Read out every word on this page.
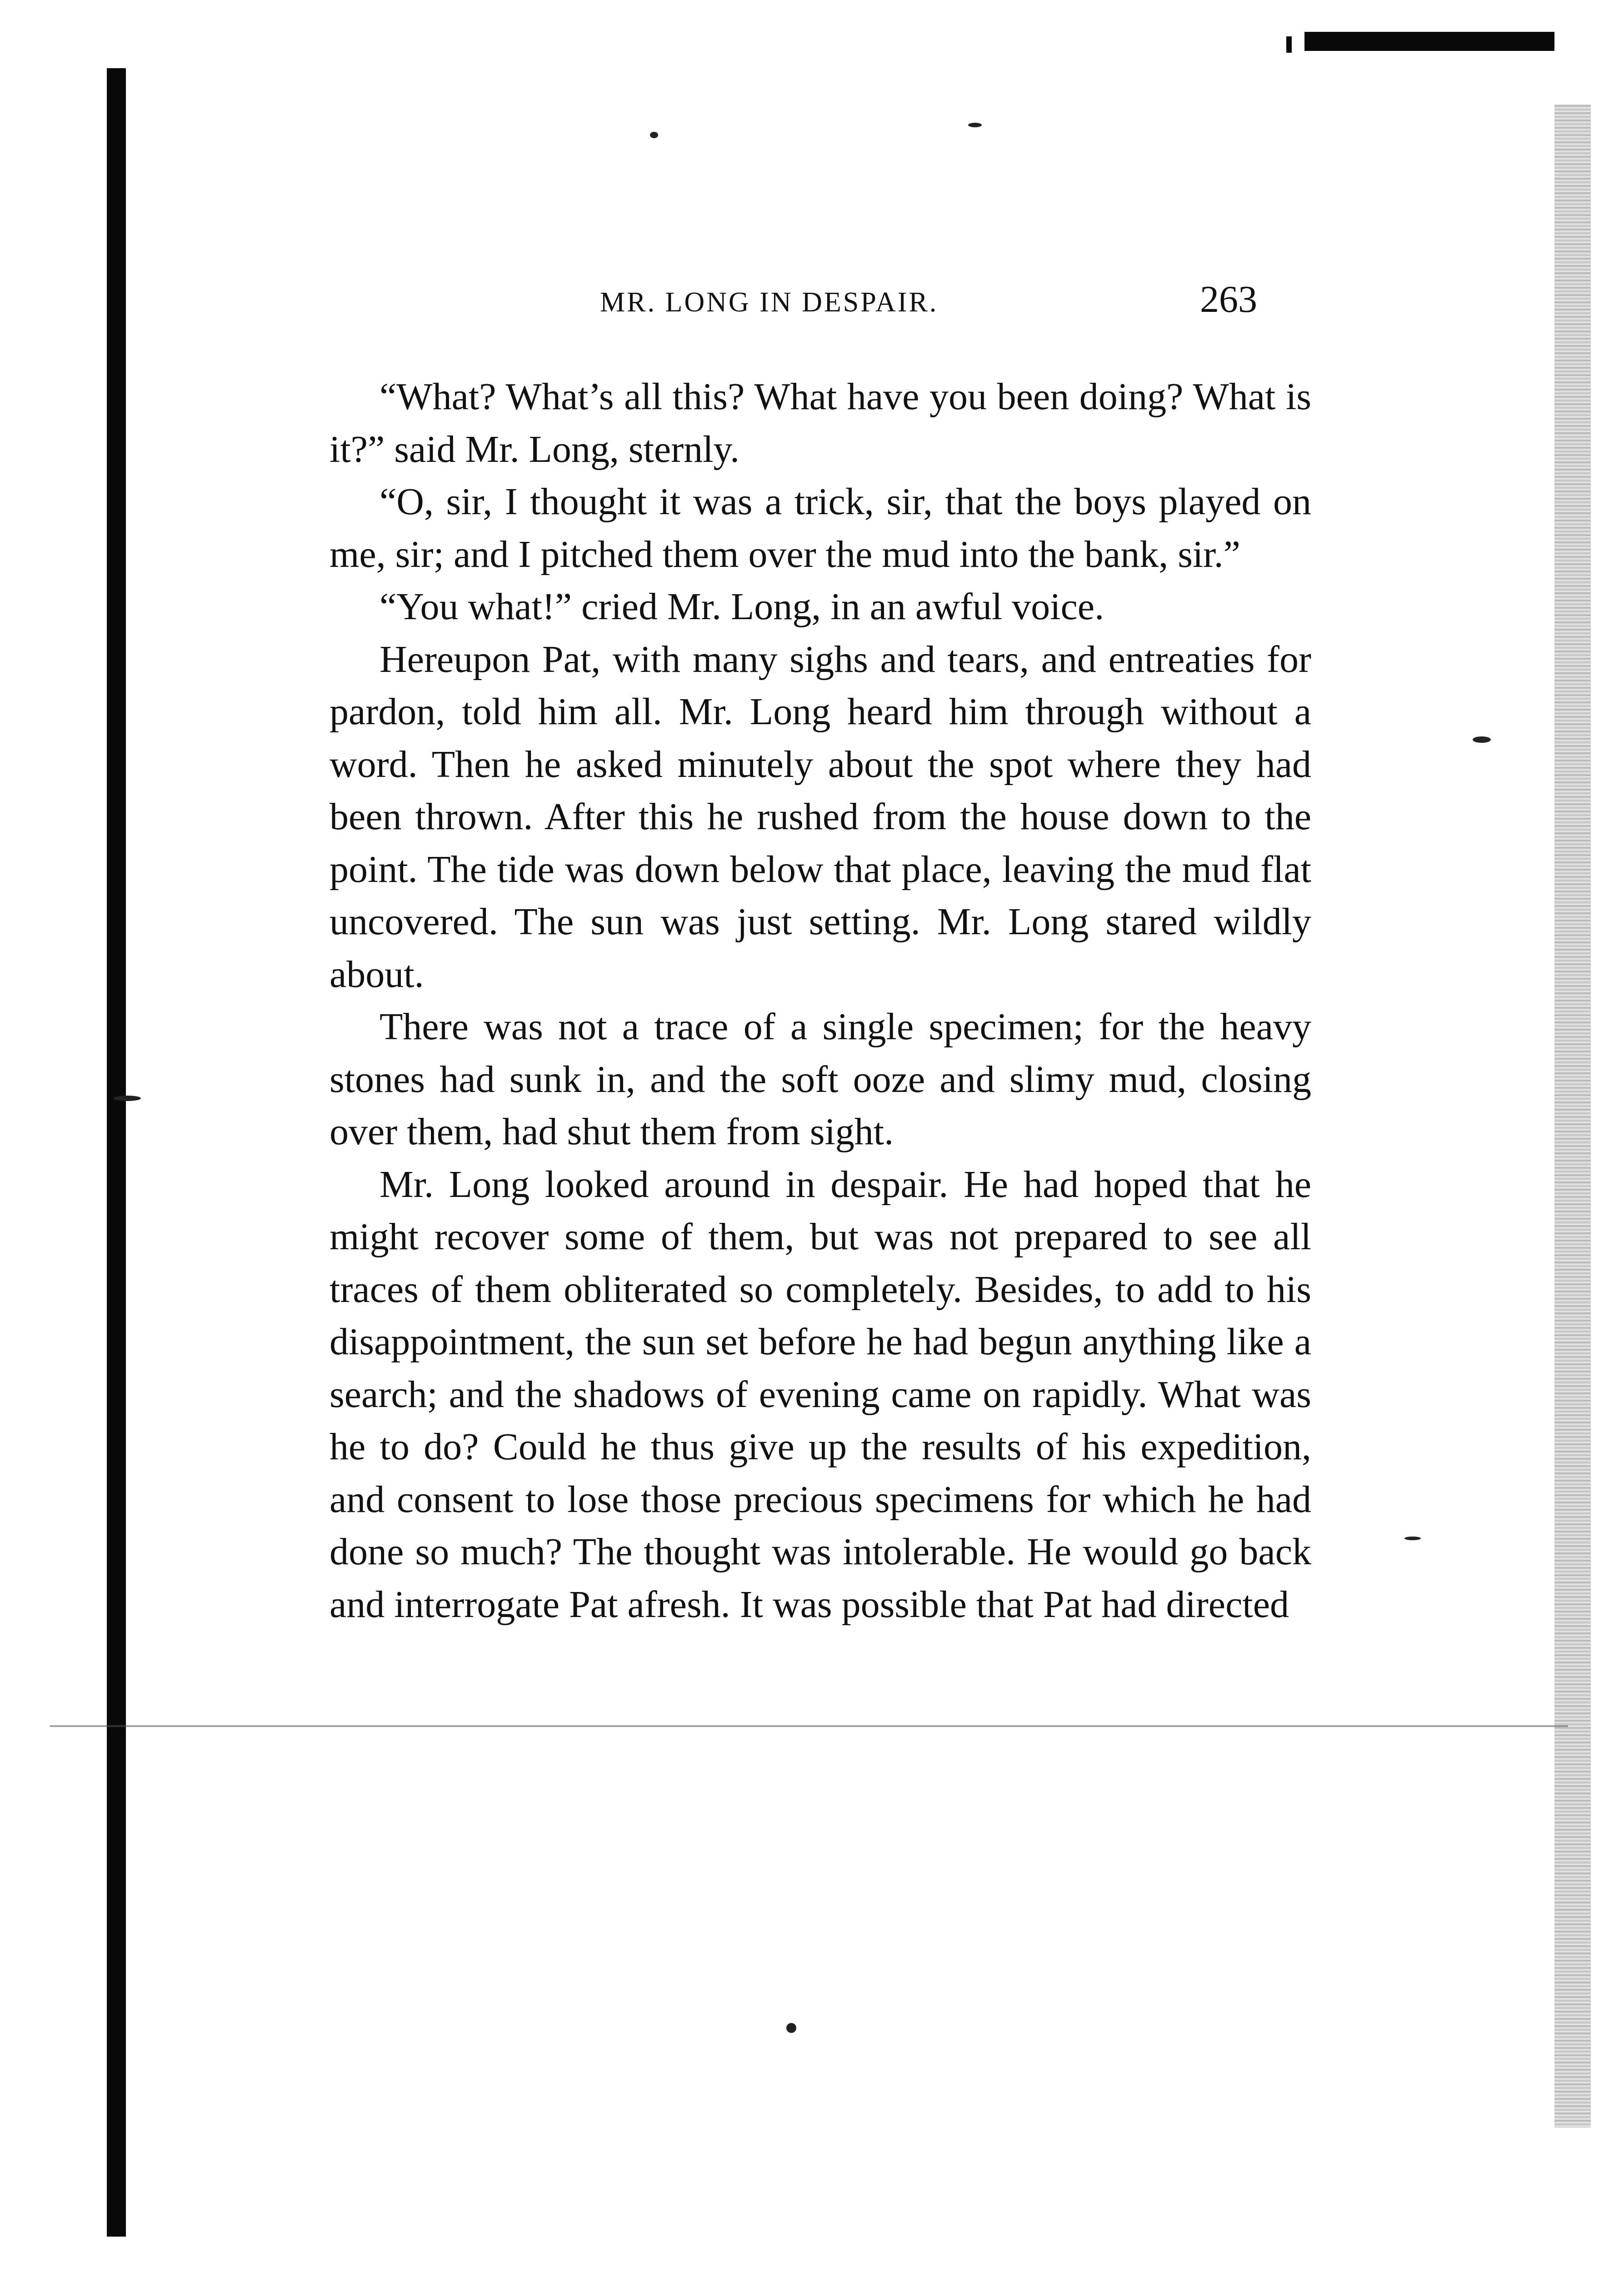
MR. LONG IN DESPAIR.	263

“What? What’s all this? What have you been doing? What is it?” said Mr. Long, sternly.

“O, sir, I thought it was a trick, sir, that the boys played on me, sir; and I pitched them over the mud into the bank, sir.”

“You what!” cried Mr. Long, in an awful voice.

Hereupon Pat, with many sighs and tears, and entreaties for pardon, told him all. Mr. Long heard him through without a word. Then he asked minutely about the spot where they had been thrown. After this he rushed from the house down to the point. The tide was down below that place, leaving the mud flat uncovered. The sun was just setting. Mr. Long stared wildly about.

There was not a trace of a single specimen; for the heavy stones had sunk in, and the soft ooze and slimy mud, closing over them, had shut them from sight.

Mr. Long looked around in despair. He had hoped that he might recover some of them, but was not prepared to see all traces of them obliterated so completely. Besides, to add to his disappointment, the sun set before he had begun anything like a search; and the shadows of evening came on rapidly. What was he to do? Could he thus give up the results of his expedition, and consent to lose those precious specimens for which he had done so much? The thought was intolerable. He would go back and interrogate Pat afresh. It was possible that Pat had directed
